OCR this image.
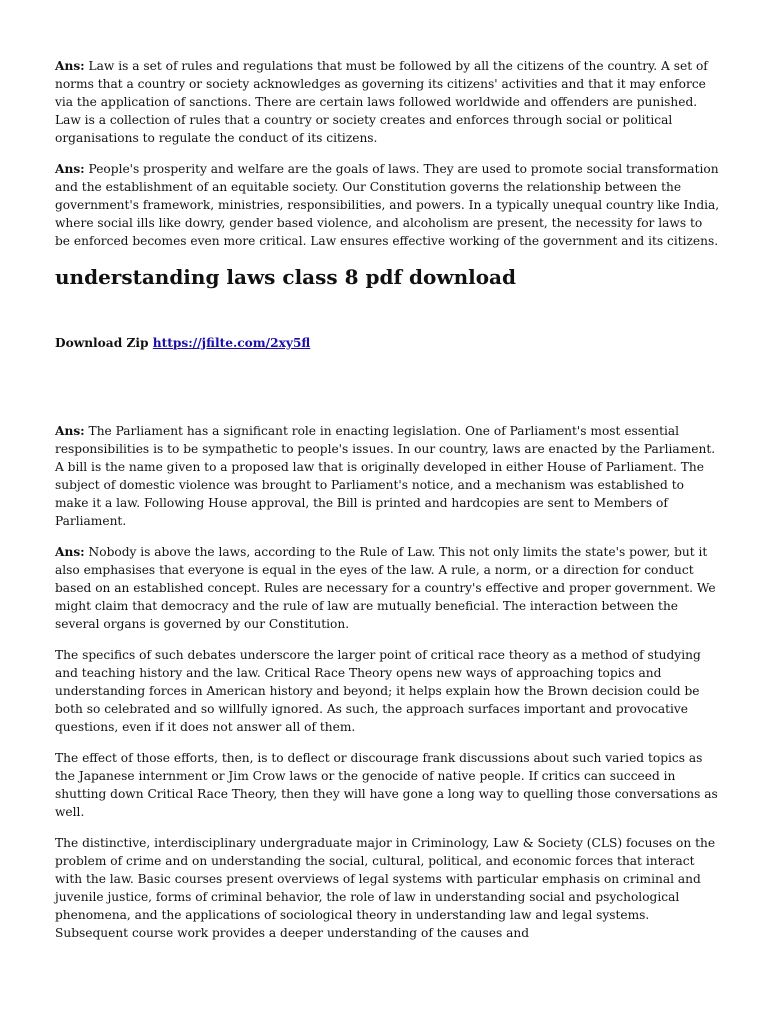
Ans: Law is a set of rules and regulations that must be followed by all the citizens of the country. A set of norms that a country or society acknowledges as governing its citizens' activities and that it may enforce via the application of sanctions. There are certain laws followed worldwide and offenders are punished. Law is a collection of rules that a country or society creates and enforces through social or political organisations to regulate the conduct of its citizens.

Ans: People's prosperity and welfare are the goals of laws. They are used to promote social transformation and the establishment of an equitable society. Our Constitution governs the relationship between the government's framework, ministries, responsibilities, and powers. In a typically unequal country like India, where social ills like dowry, gender based violence, and alcoholism are present, the necessity for laws to be enforced becomes even more critical. Law ensures effective working of the government and its citizens.

understanding laws class 8 pdf download
Download Zip https://jfilte.com/2xy5fl

Ans: The Parliament has a significant role in enacting legislation. One of Parliament's most essential responsibilities is to be sympathetic to people's issues. In our country, laws are enacted by the Parliament. A bill is the name given to a proposed law that is originally developed in either House of Parliament. The subject of domestic violence was brought to Parliament's notice, and a mechanism was established to make it a law. Following House approval, the Bill is printed and hardcopies are sent to Members of Parliament.

Ans: Nobody is above the laws, according to the Rule of Law. This not only limits the state's power, but it also emphasises that everyone is equal in the eyes of the law. A rule, a norm, or a direction for conduct based on an established concept. Rules are necessary for a country's effective and proper government. We might claim that democracy and the rule of law are mutually beneficial. The interaction between the several organs is governed by our Constitution.

The specifics of such debates underscore the larger point of critical race theory as a method of studying and teaching history and the law. Critical Race Theory opens new ways of approaching topics and understanding forces in American history and beyond; it helps explain how the Brown decision could be both so celebrated and so willfully ignored. As such, the approach surfaces important and provocative questions, even if it does not answer all of them.

The effect of those efforts, then, is to deflect or discourage frank discussions about such varied topics as the Japanese internment or Jim Crow laws or the genocide of native people. If critics can succeed in shutting down Critical Race Theory, then they will have gone a long way to quelling those conversations as well.

The distinctive, interdisciplinary undergraduate major in Criminology, Law & Society (CLS) focuses on the problem of crime and on understanding the social, cultural, political, and economic forces that interact with the law. Basic courses present overviews of legal systems with particular emphasis on criminal and juvenile justice, forms of criminal behavior, the role of law in understanding social and psychological phenomena, and the applications of sociological theory in understanding law and legal systems. Subsequent course work provides a deeper understanding of the causes and
